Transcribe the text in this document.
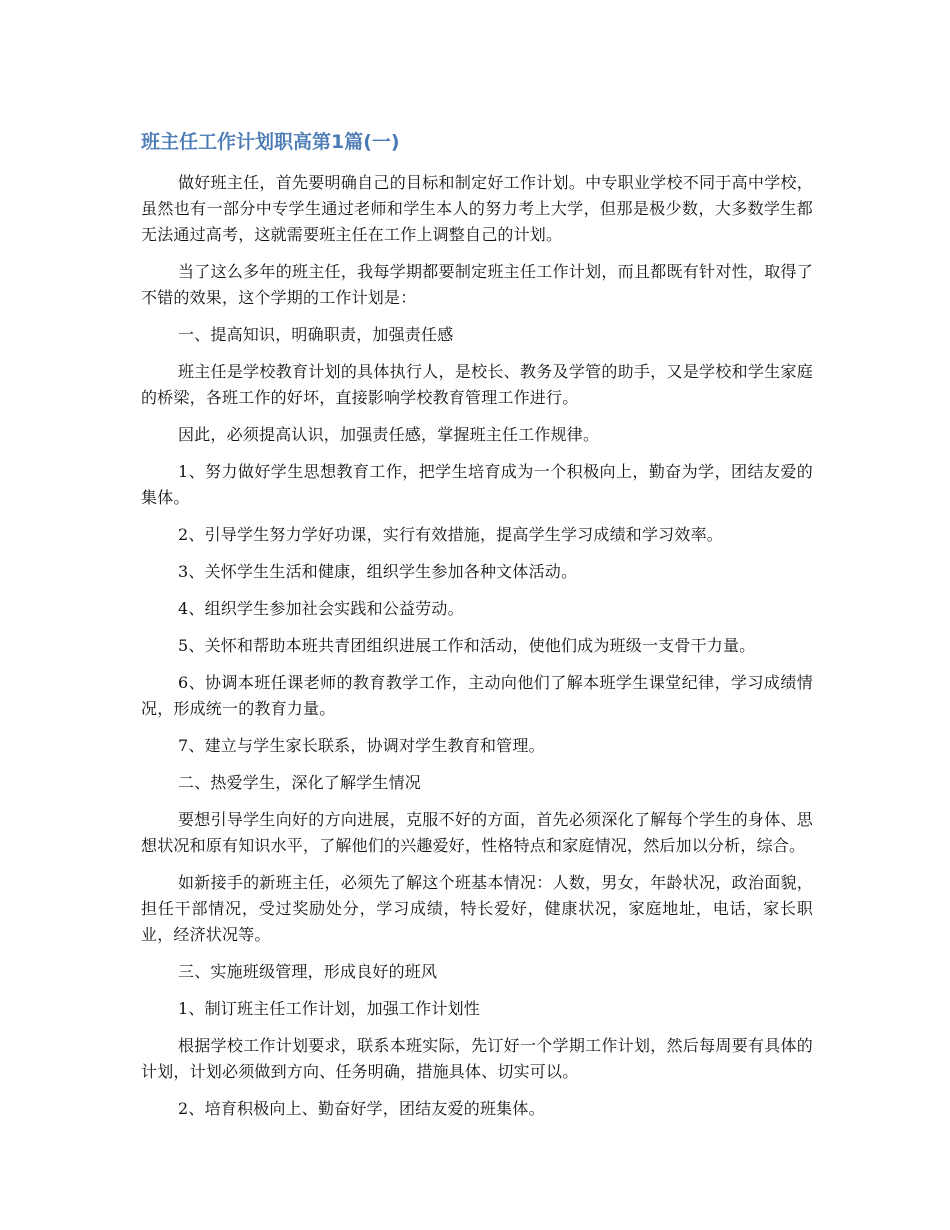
班主任工作计划职高第1篇(一)

做好班主任，首先要明确自己的目标和制定好工作计划。中专职业学校不同于高中学校，虽然也有一部分中专学生通过老师和学生本人的努力考上大学，但那是极少数，大多数学生都无法通过高考，这就需要班主任在工作上调整自己的计划。

当了这么多年的班主任，我每学期都要制定班主任工作计划，而且都既有针对性，取得了不错的效果，这个学期的工作计划是：

一、提高知识，明确职责，加强责任感

班主任是学校教育计划的具体执行人，是校长、教务及学管的助手，又是学校和学生家庭的桥梁，各班工作的好坏，直接影响学校教育管理工作进行。

因此，必须提高认识，加强责任感，掌握班主任工作规律。

1、努力做好学生思想教育工作，把学生培育成为一个积极向上，勤奋为学，团结友爱的集体。

2、引导学生努力学好功课，实行有效措施，提高学生学习成绩和学习效率。

3、关怀学生生活和健康，组织学生参加各种文体活动。

4、组织学生参加社会实践和公益劳动。

5、关怀和帮助本班共青团组织进展工作和活动，使他们成为班级一支骨干力量。

6、协调本班任课老师的教育教学工作，主动向他们了解本班学生课堂纪律，学习成绩情况，形成统一的教育力量。

7、建立与学生家长联系，协调对学生教育和管理。

二、热爱学生，深化了解学生情况

要想引导学生向好的方向进展，克服不好的方面，首先必须深化了解每个学生的身体、思想状况和原有知识水平，了解他们的兴趣爱好，性格特点和家庭情况，然后加以分析，综合。

如新接手的新班主任，必须先了解这个班基本情况：人数，男女，年龄状况，政治面貌，担任干部情况，受过奖励处分，学习成绩，特长爱好，健康状况，家庭地址，电话，家长职业，经济状况等。

三、实施班级管理，形成良好的班风

1、制订班主任工作计划，加强工作计划性

根据学校工作计划要求，联系本班实际，先订好一个学期工作计划，然后每周要有具体的计划，计划必须做到方向、任务明确，措施具体、切实可以。

2、培育积极向上、勤奋好学，团结友爱的班集体。
